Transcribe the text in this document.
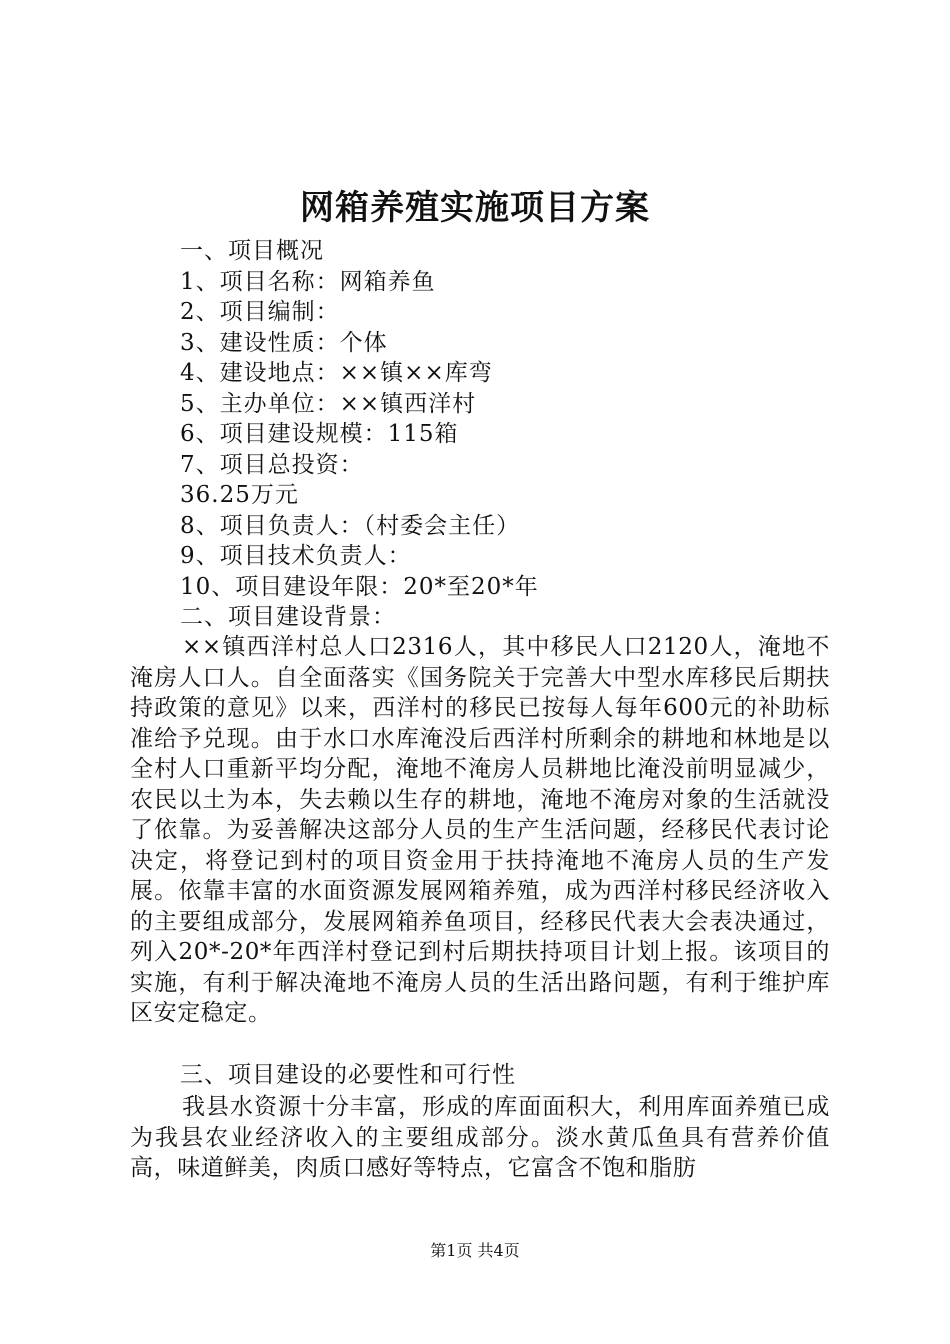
网箱养殖实施项目方案
一、项目概况
1、项目名称：网箱养鱼
2、项目编制：
3、建设性质：个体
4、建设地点：××镇××库弯
5、主办单位：××镇西洋村
6、项目建设规模：115箱
7、项目总投资：
36.25万元
8、项目负责人：（村委会主任）
9、项目技术负责人：
10、项目建设年限：20*至20*年
二、项目建设背景：

××镇西洋村总人口2316人，其中移民人口2120人，淹地不淹房人口人。自全面落实《国务院关于完善大中型水库移民后期扶持政策的意见》以来，西洋村的移民已按每人每年600元的补助标准给予兑现。由于水口水库淹没后西洋村所剩余的耕地和林地是以全村人口重新平均分配，淹地不淹房人员耕地比淹没前明显减少，农民以土为本，失去赖以生存的耕地，淹地不淹房对象的生活就没了依靠。为妥善解决这部分人员的生产生活问题，经移民代表讨论决定，将登记到村的项目资金用于扶持淹地不淹房人员的生产发展。依靠丰富的水面资源发展网箱养殖，成为西洋村移民经济收入的主要组成部分，发展网箱养鱼项目，经移民代表大会表决通过，列入20*-20*年西洋村登记到村后期扶持项目计划上报。该项目的实施，有利于解决淹地不淹房人员的生活出路问题，有利于维护库区安定稳定。

三、项目建设的必要性和可行性

我县水资源十分丰富，形成的库面面积大，利用库面养殖已成为我县农业经济收入的主要组成部分。淡水黄瓜鱼具有营养价值高，味道鲜美，肉质口感好等特点，它富含不饱和脂肪

第1页 共4页
